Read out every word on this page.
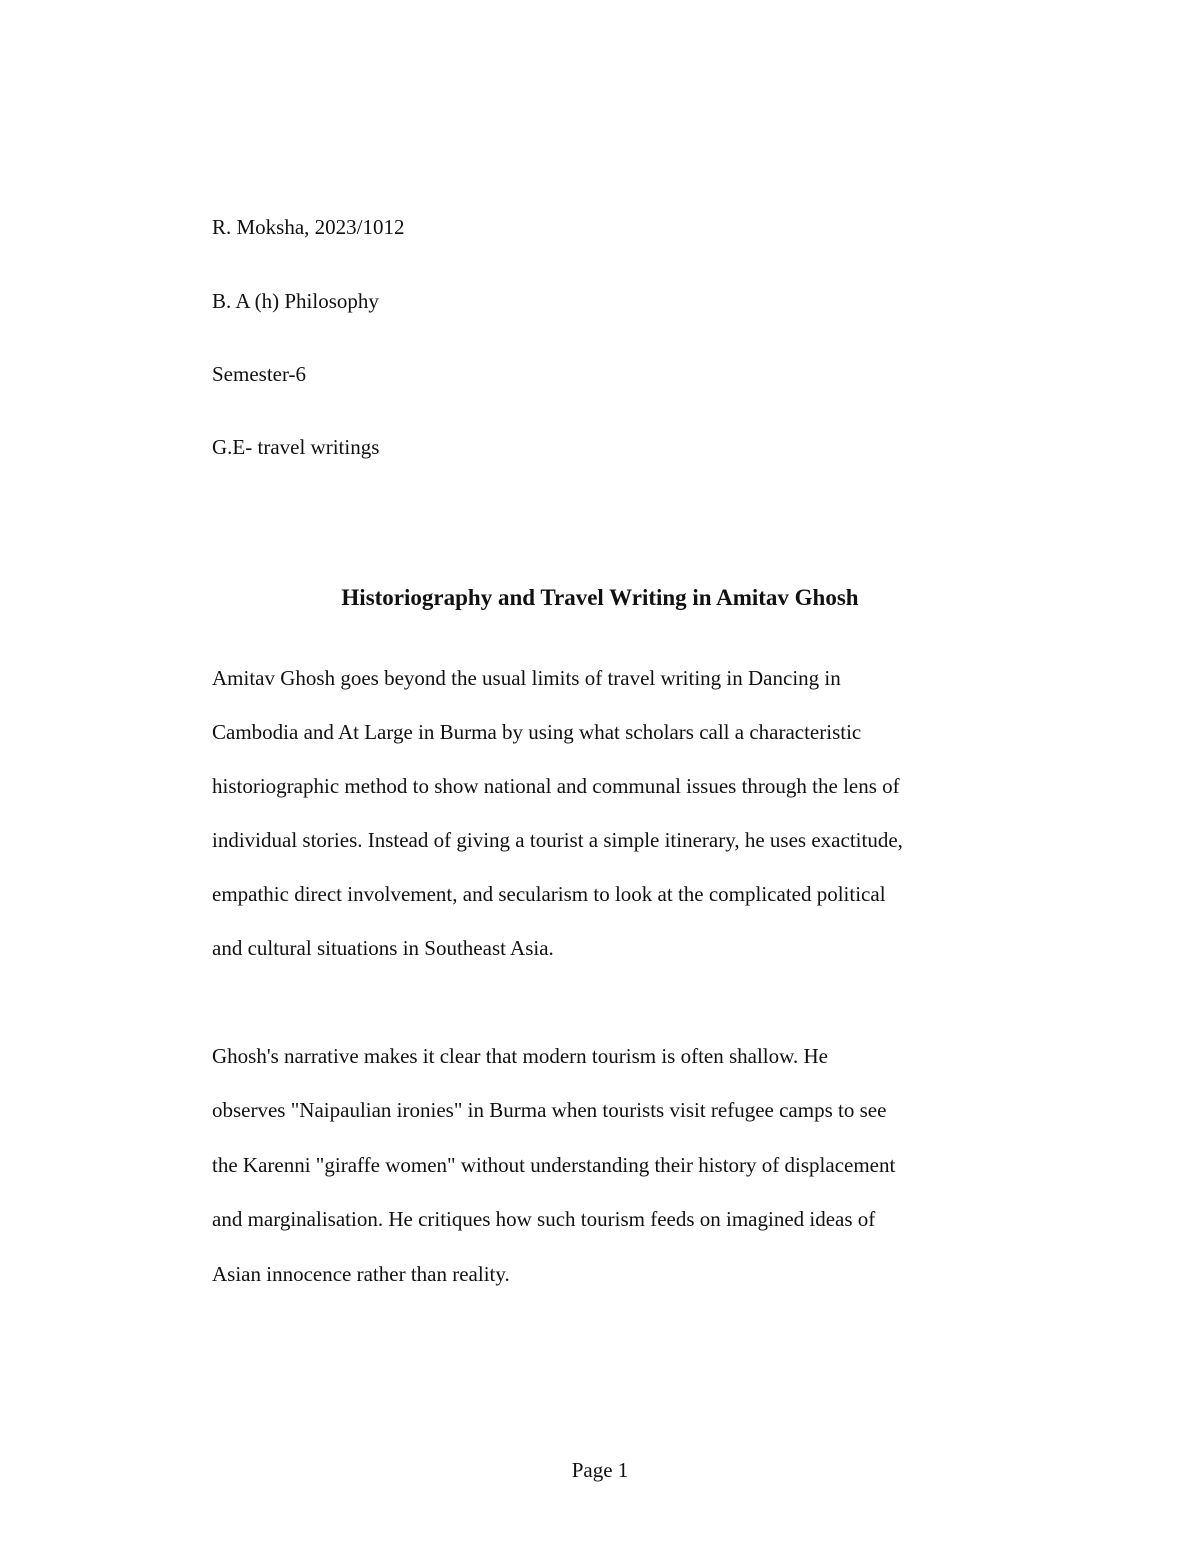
R. Moksha, 2023/1012
B. A (h) Philosophy
Semester-6
G.E- travel writings
Historiography and Travel Writing in Amitav Ghosh
Amitav Ghosh goes beyond the usual limits of travel writing in Dancing in
Cambodia and At Large in Burma by using what scholars call a characteristic
historiographic method to show national and communal issues through the lens of
individual stories. Instead of giving a tourist a simple itinerary, he uses exactitude,
empathic direct involvement, and secularism to look at the complicated political
and cultural situations in Southeast Asia.
Ghosh's narrative makes it clear that modern tourism is often shallow. He
observes "Naipaulian ironies" in Burma when tourists visit refugee camps to see
the Karenni "giraffe women" without understanding their history of displacement
and marginalisation. He critiques how such tourism feeds on imagined ideas of
Asian innocence rather than reality.
Page 1
